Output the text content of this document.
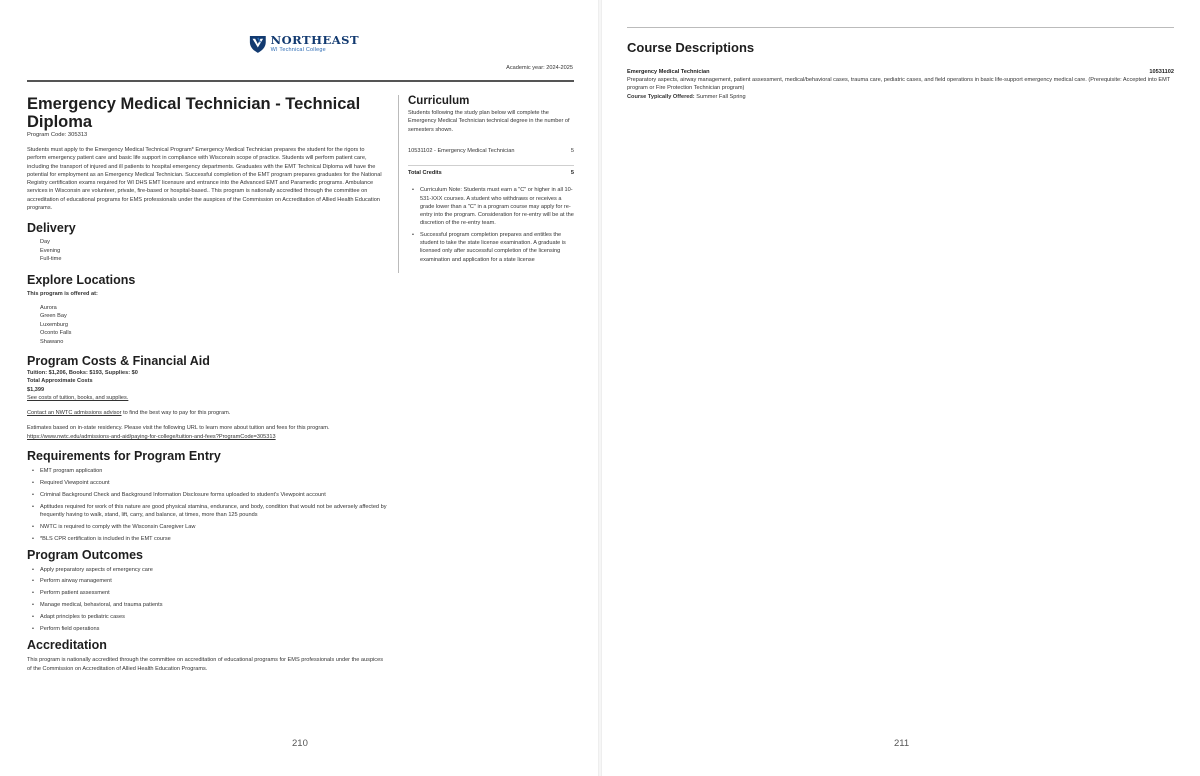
NORTHEAST
WI Technical College
Academic year: 2024-2025
Emergency Medical Technician - Technical Diploma
Program Code: 305313

Students must apply to the Emergency Medical Technical Program* Emergency Medical Technician prepares the student for the rigors to perform emergency patient care and basic life support in compliance with Wisconsin scope of practice. Students will perform patient care, including the transport of injured and ill patients to hospital emergency departments. Graduates with the EMT Technical Diploma will have the potential for employment as an Emergency Medical Technician. Successful completion of the EMT program prepares graduates for the National Registry certification exams required for WI DHS EMT licensure and entrance into the Advanced EMT and Paramedic programs. Ambulance services in Wisconsin are volunteer, private, fire-based or hospital-based.. This program is nationally accredited through the committee on accreditation of educational programs for EMS professionals under the auspices of the Commission on Accreditation of Allied Health Education programs.

Delivery
Day
Evening
Full-time
Explore Locations

This program is offered at:

Aurora
Green Bay
Luxemburg
Oconto Falls
Shawano
Program Costs & Financial Aid

Tuition: $1,206, Books: $193, Supplies: $0

Total Approximate Costs

$1,399

See costs of tuition, books, and supplies.

Contact an NWTC admissions advisor to find the best way to pay for this program.

Estimates based on in-state residency. Please visit the following URL to learn more about tuition and fees for this program.

https://www.nwtc.edu/admissions-and-aid/paying-for-college/tuition-and-fees?ProgramCode=305313

Requirements for Program Entry
• EMT program application
• Required Viewpoint account
• Criminal Background Check and Background Information Disclosure forms uploaded to student's Viewpoint account
• Aptitudes required for work of this nature are good physical stamina, endurance, and body, condition that would not be adversely affected by frequently having to walk, stand, lift, carry, and balance, at times, more than 125 pounds
• NWTC is required to comply with the Wisconsin Caregiver Law
• *BLS CPR certification is included in the EMT course
Program Outcomes
• Apply preparatory aspects of emergency care
• Perform airway management
• Perform patient assessment
• Manage medical, behavioral, and trauma patients
• Adapt principles to pediatric cases
• Perform field operations
Accreditation

This program is nationally accredited through the committee on accreditation of educational programs for EMS professionals under the auspices of the Commission on Accreditation of Allied Health Education Programs.

Curriculum

Students following the study plan below will complete the Emergency Medical Technician technical degree in the number of semesters shown.

10531102 - Emergency Medical Technician	5
Total Credits	5
• Curriculum Note: Students must earn a "C" or higher in all 10-531-XXX courses. A student who withdraws or receives a grade lower than a "C" in a program course may apply for re-entry into the program. Consideration for re-entry will be at the discretion of the re-entry team.
• Successful program completion prepares and entitles the student to take the state license examination. A graduate is licensed only after successful completion of the licensing examination and application for a state license
210
Course Descriptions
Emergency Medical Technician	10531102

Preparatory aspects, airway management, patient assessment, medical/behavioral cases, trauma care, pediatric cases, and field operations in basic life-support emergency medical care. (Prerequisite: Accepted into EMT program or Fire Protection Technician program)

Course Typically Offered: Summer Fall Spring

211
